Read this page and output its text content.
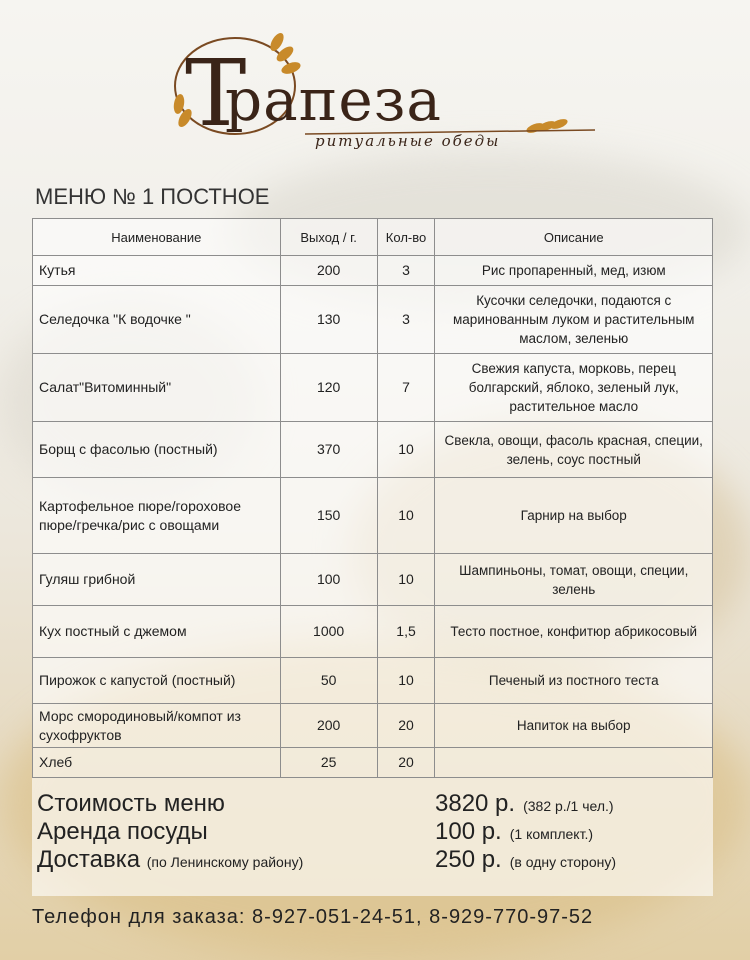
Т
рапеза
ритуальные обеды
МЕНЮ № 1 ПОСТНОЕ
Наименование	Выход / г.	Кол-во	Описание
Кутья	200	3	Рис пропаренный, мед, изюм
Селедочка "К водочке "	130	3	Кусочки селедочки, подаются с маринованным луком и растительным маслом, зеленью
Салат"Витоминный"	120	7	Свежия капуста, морковь, перец болгарский, яблоко, зеленый лук, растительное масло
Борщ с фасолью (постный)	370	10	Свекла, овощи, фасоль красная, специи, зелень, соус постный
Картофельное пюре/гороховое пюре/гречка/рис с овощами	150	10	Гарнир на выбор
Гуляш грибной	100	10	Шампиньоны, томат, овощи, специи, зелень
Кух постный с джемом	1000	1,5	Тесто постное, конфитюр абрикосовый
Пирожок с капустой (постный)	50	10	Печеный из постного теста
Морс смородиновый/компот из сухофруктов	200	20	Напиток на выбор
Хлеб	25	20	
Стоимость меню	3820 р. (382 р./1 чел.)
Аренда посуды	100 р. (1 комплект.)
Доставка (по Ленинскому району)	250 р. (в одну сторону)
Телефон для заказа: 8-927-051-24-51, 8-929-770-97-52
